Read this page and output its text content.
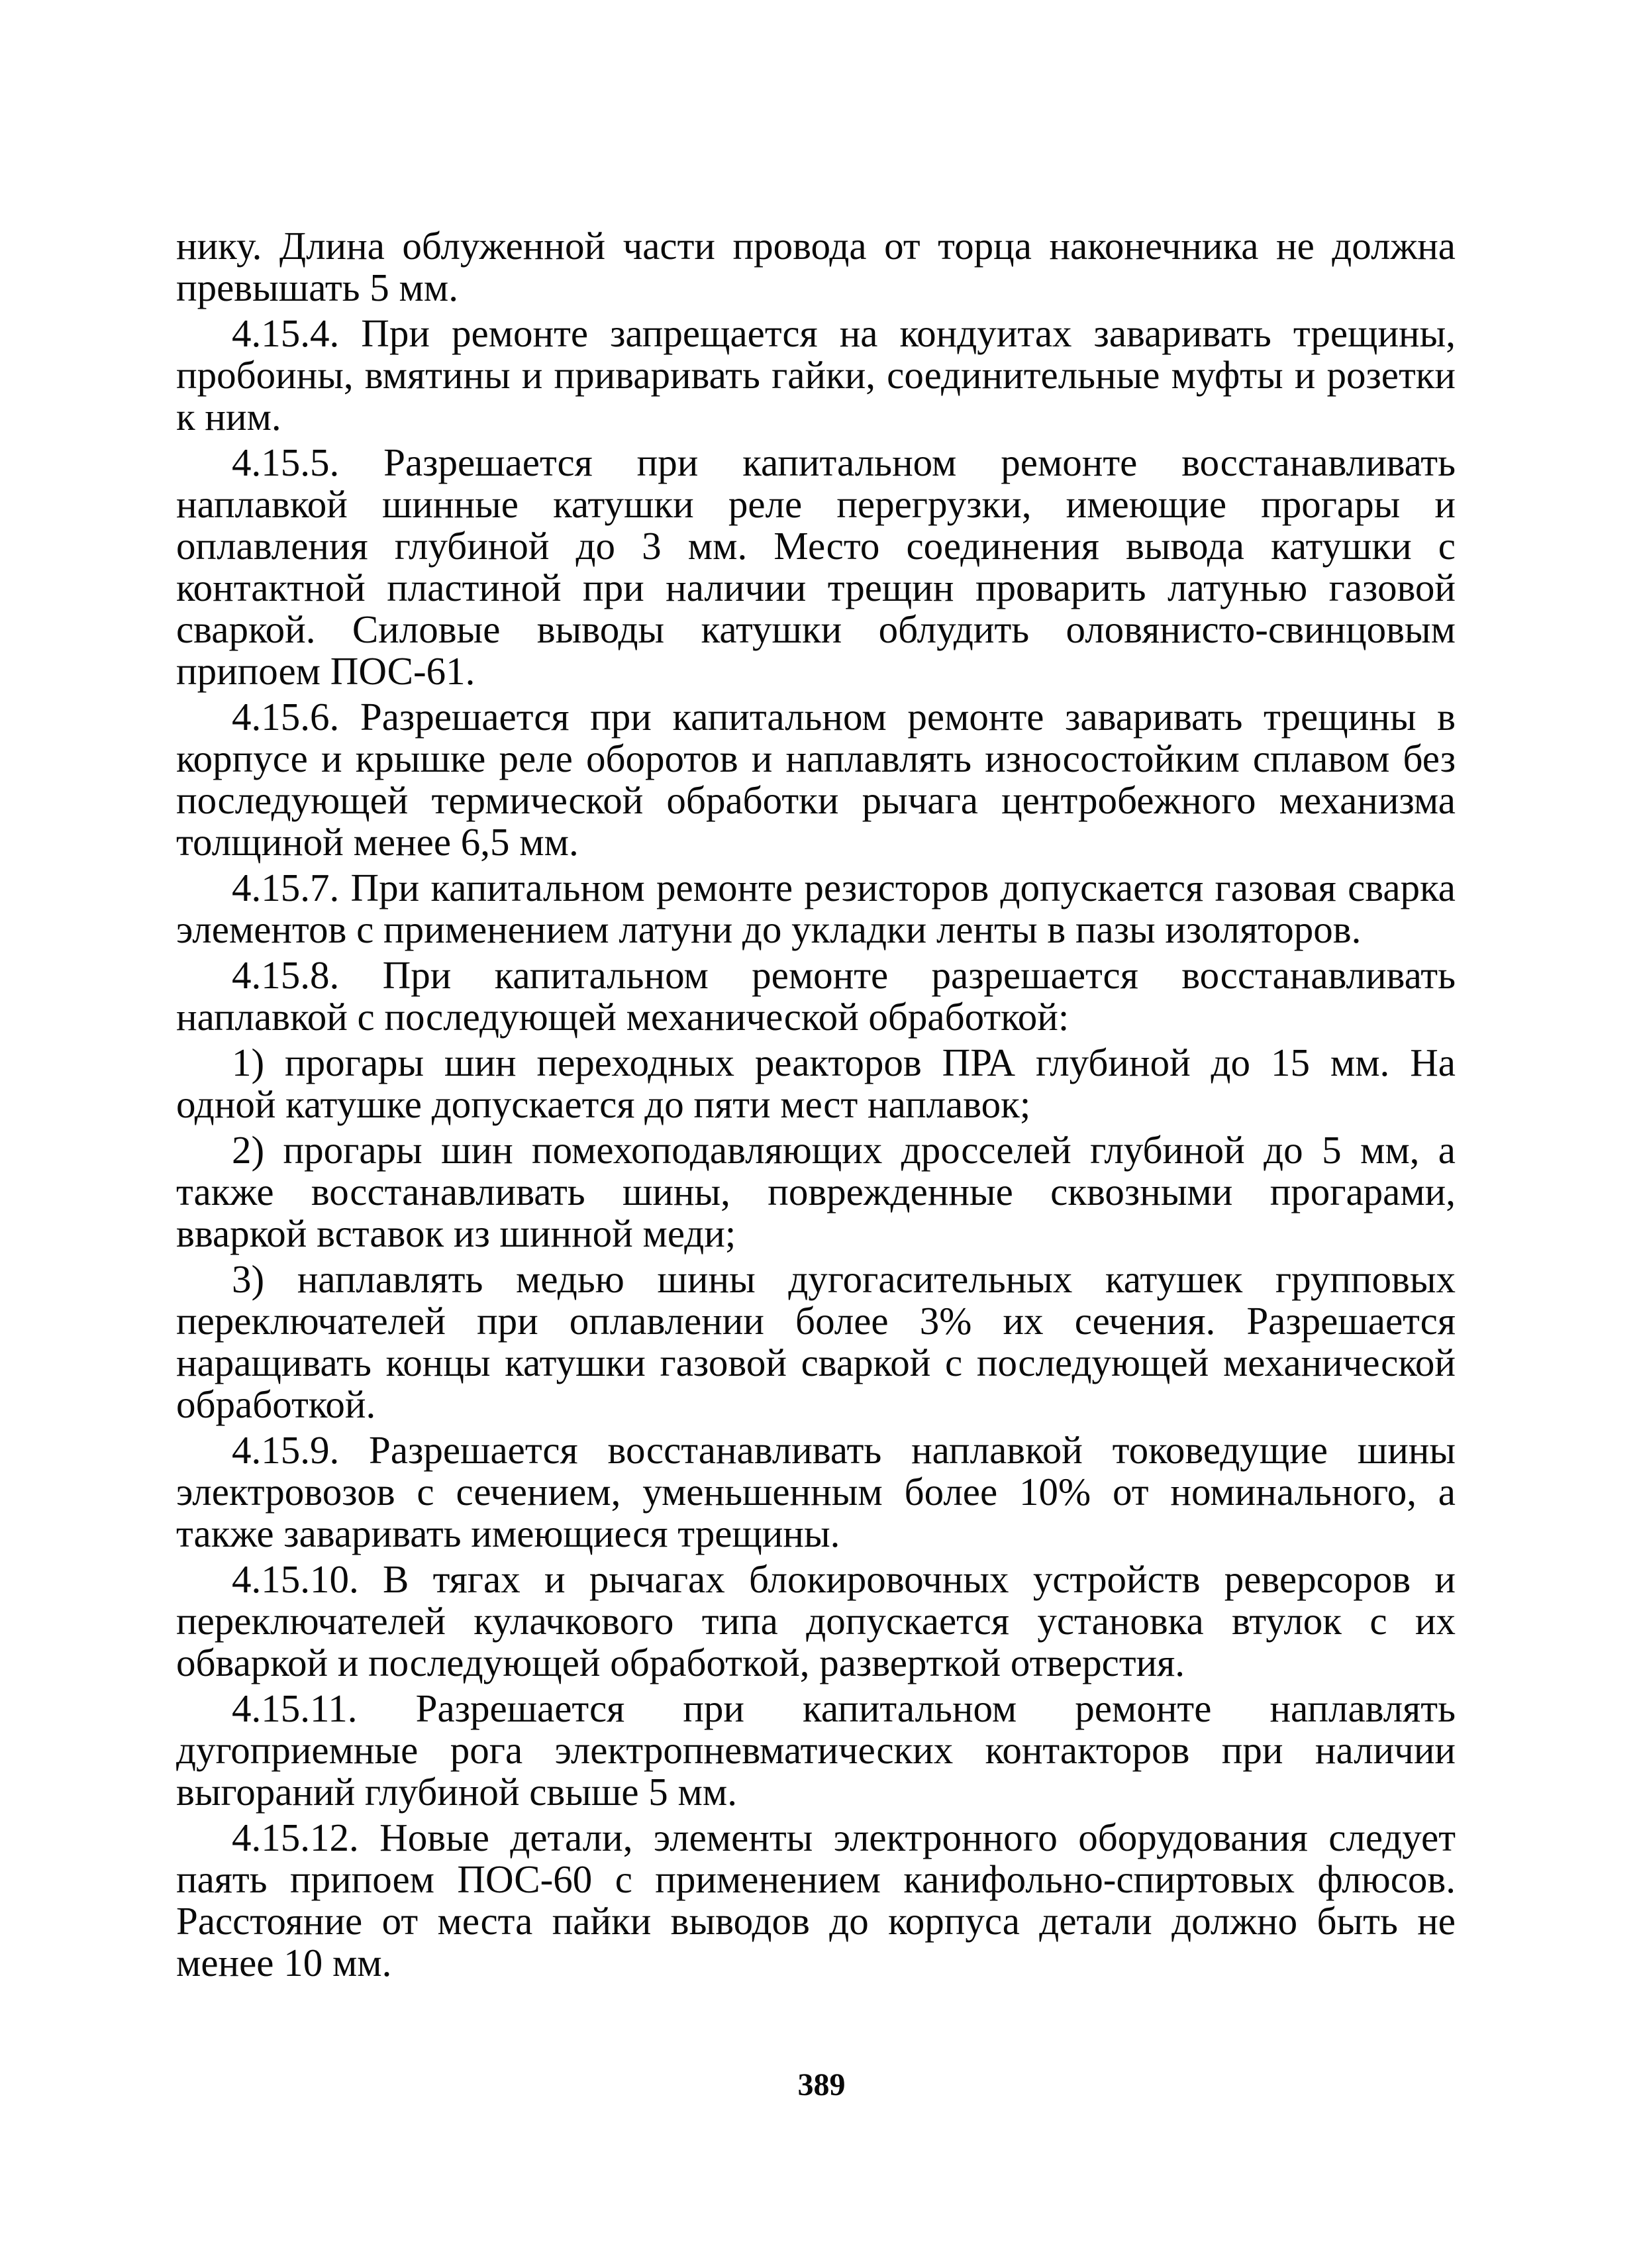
нику. Длина облуженной части провода от торца наконечника не должна превышать 5 мм.

4.15.4. При ремонте запрещается на кондуитах заваривать трещины, пробоины, вмятины и приваривать гайки, соединительные муфты и розетки к ним.

4.15.5. Разрешается при капитальном ремонте восстанавливать наплавкой шинные катушки реле перегрузки, имеющие прогары и оплавления глубиной до 3 мм. Место соединения вывода катушки с контактной пластиной при наличии трещин проварить латунью газовой сваркой. Силовые выводы катушки облудить оловянисто-свинцовым припоем ПОС-61.

4.15.6. Разрешается при капитальном ремонте заваривать трещины в корпусе и крышке реле оборотов и наплавлять износостойким сплавом без последующей термической обработки рычага центробежного механизма толщиной менее 6,5 мм.

4.15.7. При капитальном ремонте резисторов допускается газовая сварка элементов с применением латуни до укладки ленты в пазы изоляторов.

4.15.8. При капитальном ремонте разрешается восстанавливать наплавкой с последующей механической обработкой:

1) прогары шин переходных реакторов ПРА глубиной до 15 мм. На одной катушке допускается до пяти мест наплавок;

2) прогары шин помехоподавляющих дросселей глубиной до 5 мм, а также восстанавливать шины, поврежденные сквозными прогарами, вваркой вставок из шинной меди;

3) наплавлять медью шины дугогасительных катушек групповых переключателей при оплавлении более 3% их сечения. Разрешается наращивать концы катушки газовой сваркой с последующей механической обработкой.

4.15.9. Разрешается восстанавливать наплавкой токоведущие шины электровозов с сечением, уменьшенным более 10% от номинального, а также заваривать имеющиеся трещины.

4.15.10. В тягах и рычагах блокировочных устройств реверсоров и переключателей кулачкового типа допускается установка втулок с их обваркой и последующей обработкой, разверткой отверстия.

4.15.11. Разрешается при капитальном ремонте наплавлять дугоприемные рога электропневматических контакторов при наличии выгораний глубиной свыше 5 мм.

4.15.12. Новые детали, элементы электронного оборудования следует паять припоем ПОС-60 с применением канифольно-спиртовых флюсов. Расстояние от места пайки выводов до корпуса детали должно быть не менее 10 мм.

389
